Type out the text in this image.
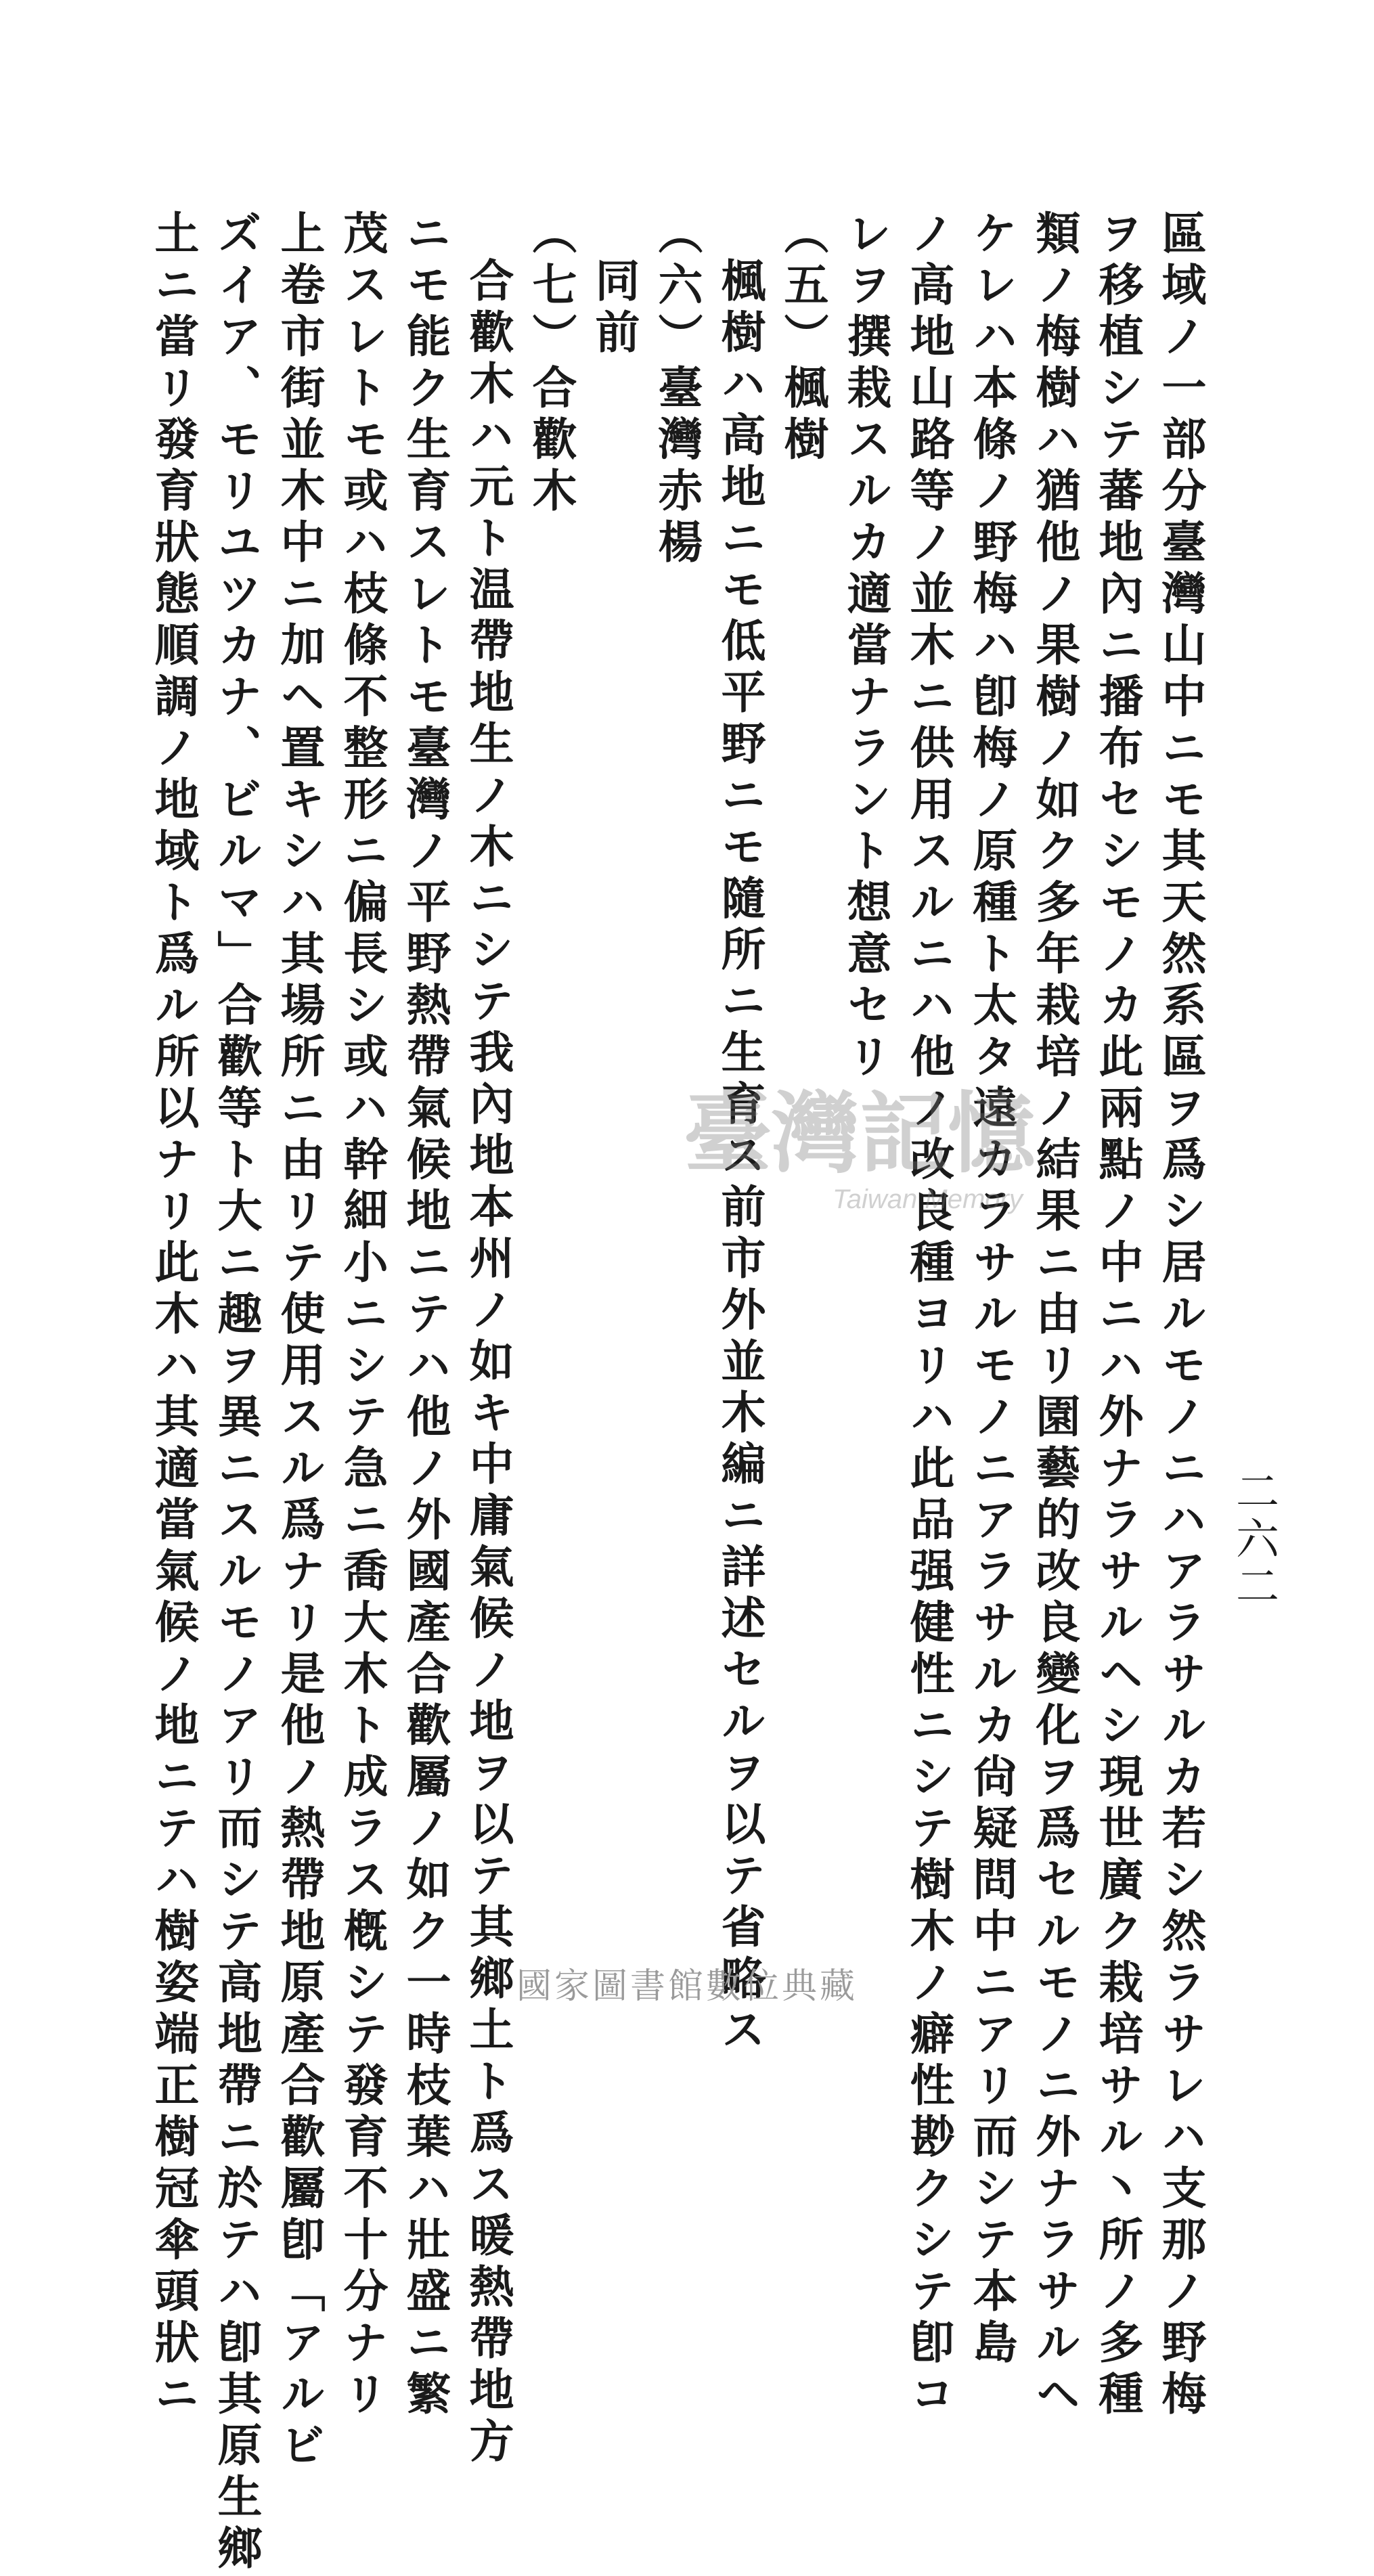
二六二
區域ノ一部分臺灣山中ニモ其天然系區ヲ爲シ居ルモノニハアラサルカ若シ然ラサレハ支那ノ野梅
ヲ移植シテ蕃地內ニ播布セシモノカ此兩點ノ中ニハ外ナラサルヘシ現世廣ク栽培サル丶所ノ多種
類ノ梅樹ハ猶他ノ果樹ノ如ク多年栽培ノ結果ニ由リ園藝的改良變化ヲ爲セルモノニ外ナラサルヘ
ケレハ本條ノ野梅ハ卽梅ノ原種ト太タ遠カラサルモノニアラサルカ尙疑問中ニアリ而シテ本島
ノ高地山路等ノ並木ニ供用スルニハ他ノ改良種ヨリハ此品强健性ニシテ樹木ノ癖性尠クシテ卽コ
レヲ撰栽スルカ適當ナラント想意セリ
（五）楓樹
楓樹ハ高地ニモ低平野ニモ隨所ニ生育ス前市外並木編ニ詳述セルヲ以テ省略ス
（六）臺灣赤楊
同前
（七）合歡木
合歡木ハ元ト温帶地生ノ木ニシテ我內地本州ノ如キ中庸氣候ノ地ヲ以テ其鄉土ト爲ス暖熱帶地方
ニモ能ク生育スレトモ臺灣ノ平野熱帶氣候地ニテハ他ノ外國產合歡屬ノ如ク一時枝葉ハ壯盛ニ繁
茂スレトモ或ハ枝條不整形ニ偏長シ或ハ幹細小ニシテ急ニ喬大木ト成ラス槪シテ發育不十分ナリ
上卷市街並木中ニ加ヘ置キシハ其場所ニ由リテ使用スル爲ナリ是他ノ熱帶地原產合歡屬卽「アルビ
ズイア、モリユツカナ、ビルマ」合歡等ト大ニ趣ヲ異ニスルモノアリ而シテ高地帶ニ於テハ卽其原生鄉
土ニ當リ發育狀態順調ノ地域ト爲ル所以ナリ此木ハ其適當氣候ノ地ニテハ樹姿端正樹冠傘頭狀ニ	臺灣記憶
Taiwan Memory
國家圖書館數位典藏
